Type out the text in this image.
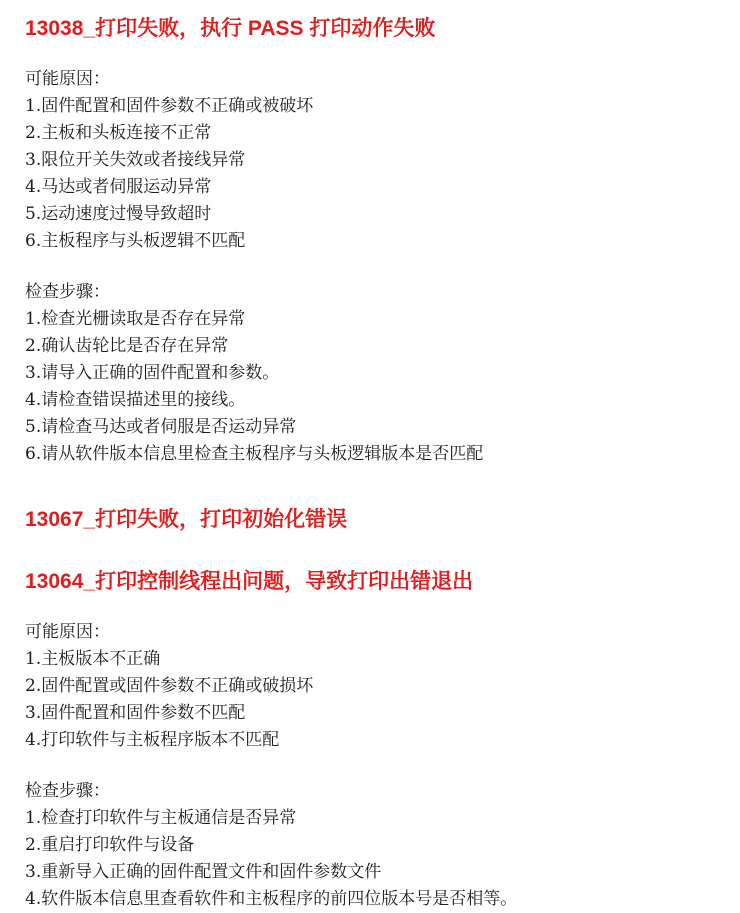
13038_打印失败，执行 PASS 打印动作失败

可能原因：

1.固件配置和固件参数不正确或被破坏

2.主板和头板连接不正常

3.限位开关失效或者接线异常

4.马达或者伺服运动异常

5.运动速度过慢导致超时

6.主板程序与头板逻辑不匹配

检查步骤：

1.检查光栅读取是否存在异常

2.确认齿轮比是否存在异常

3.请导入正确的固件配置和参数。

4.请检查错误描述里的接线。

5.请检查马达或者伺服是否运动异常

6.请从软件版本信息里检查主板程序与头板逻辑版本是否匹配

13067_打印失败，打印初始化错误
13064_打印控制线程出问题，导致打印出错退出

可能原因：

1.主板版本不正确

2.固件配置或固件参数不正确或破损坏

3.固件配置和固件参数不匹配

4.打印软件与主板程序版本不匹配

检查步骤：

1.检查打印软件与主板通信是否异常

2.重启打印软件与设备

3.重新导入正确的固件配置文件和固件参数文件

4.软件版本信息里查看软件和主板程序的前四位版本号是否相等。
